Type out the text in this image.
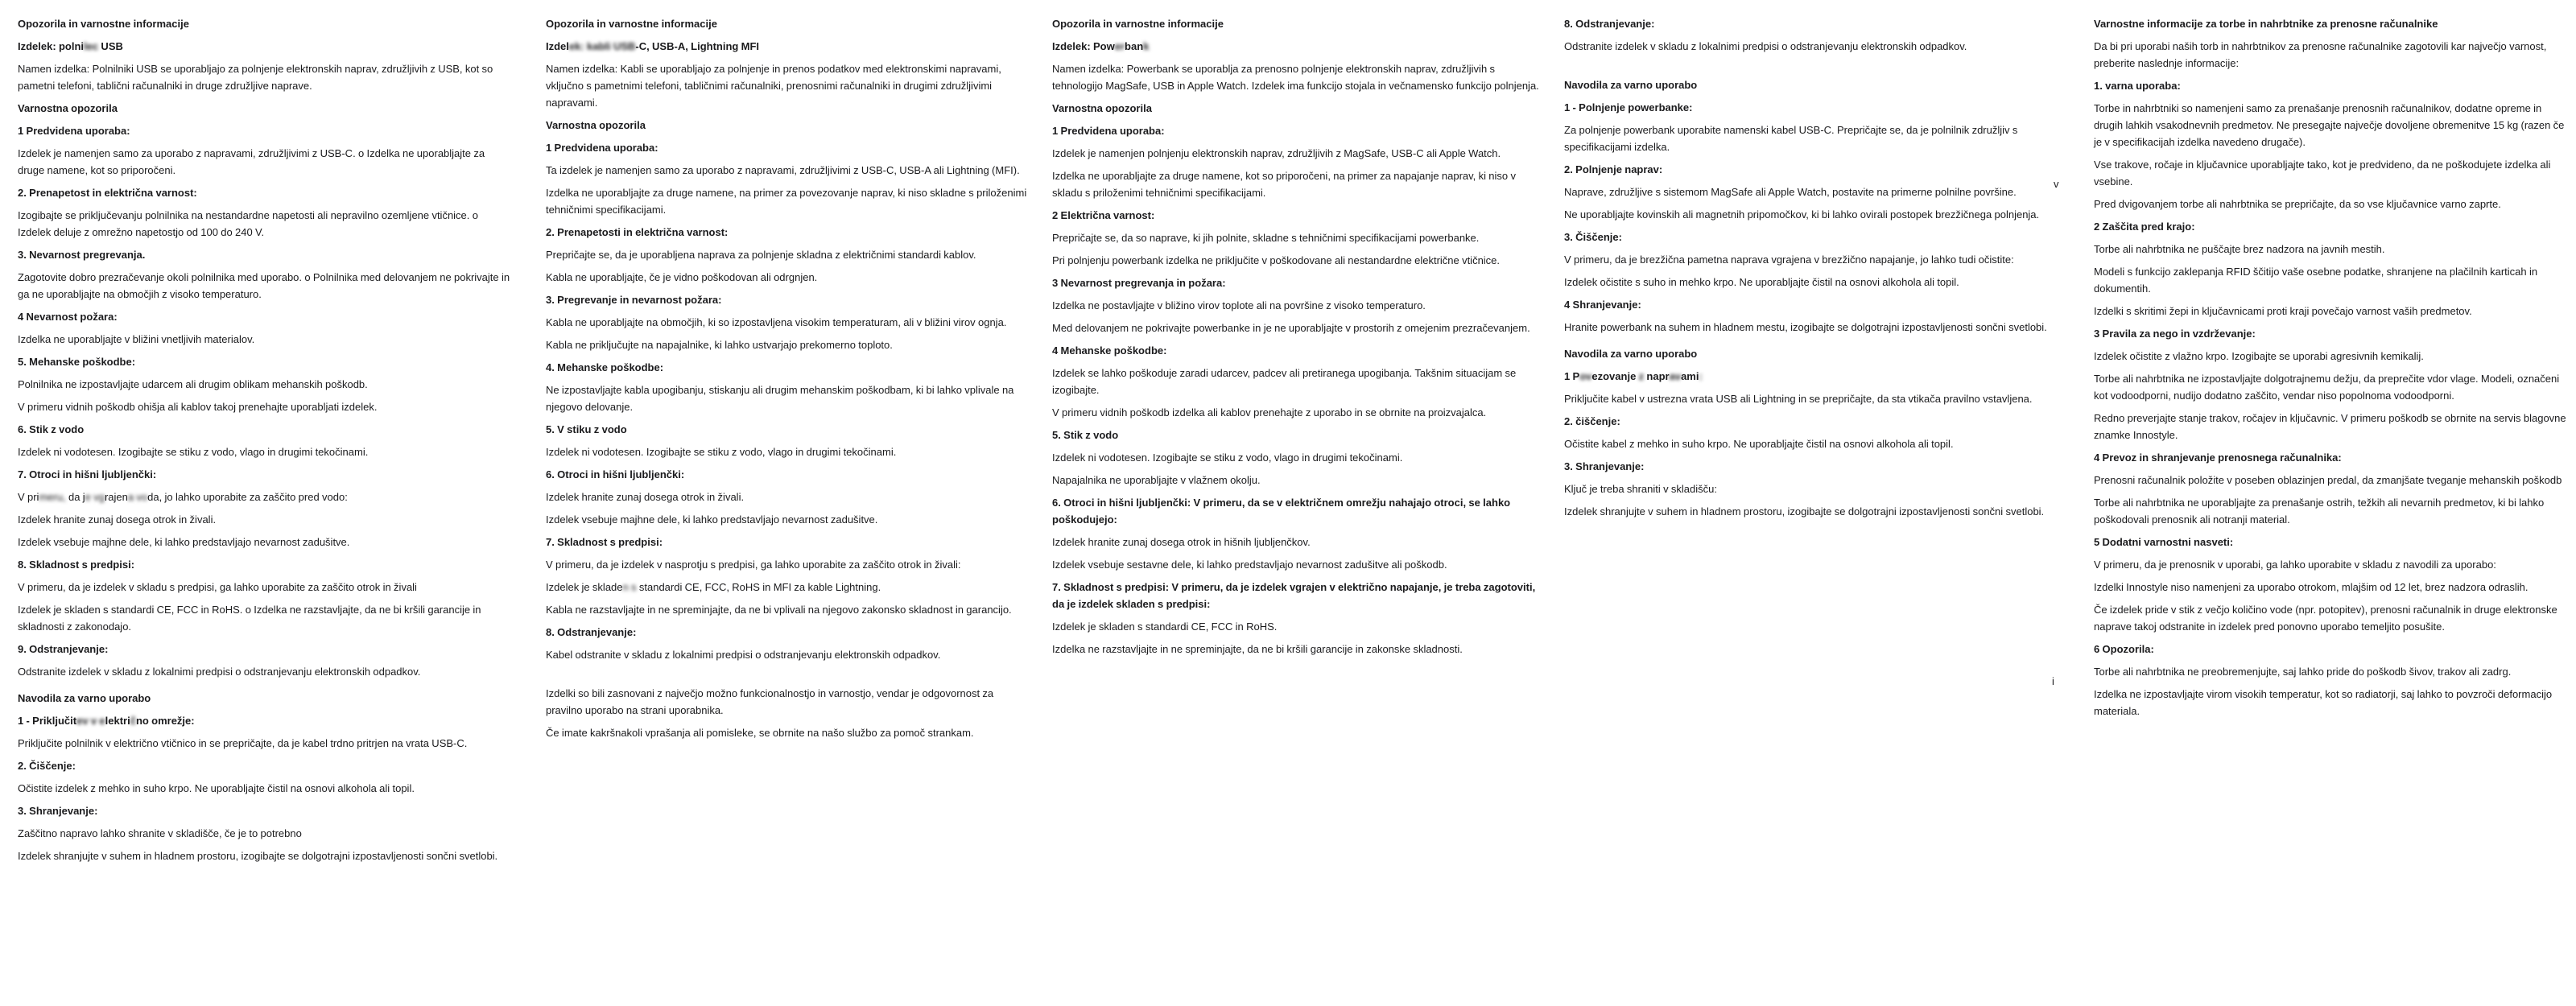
Opozorila in varnostne informacije
Izdelek: polnilec USB
Namen izdelka: Polnilniki USB se uporabljajo za polnjenje elektronskih naprav, združljivih z USB, kot so pametni telefoni, tablični računalniki in druge združljive naprave.
Varnostna opozorila
1 Predvidena uporaba:
Izdelek je namenjen samo za uporabo z napravami, združljivimi z USB-C. o Izdelka ne uporabljajte za druge namene, kot so priporočeni.
2. Prenapetost in električna varnost:
Izogibajte se priključevanju polnilnika na nestandardne napetosti ali nepravilno ozemljene vtičnice. o Izdelek deluje z omrežno napetostjo od 100 do 240 V.
3. Nevarnost pregrevanja.
Zagotovite dobro prezračevanje okoli polnilnika med uporabo. o Polnilnika med delovanjem ne pokrivajte in ga ne uporabljajte na območjih z visoko temperaturo.
4 Nevarnost požara:
Izdelka ne uporabljajte v bližini vnetljivih materialov.
5. Mehanske poškodbe:
Polnilnika ne izpostavljajte udarcem ali drugim oblikam mehanskih poškodb.
V primeru vidnih poškodb ohišja ali kablov takoj prenehajte uporabljati izdelek.
6. Stik z vodo
Izdelek ni vodotesen. Izogibajte se stiku z vodo, vlago in drugimi tekočinami.
7. Otroci in hišni ljubljenčki:
V primeru, da je vgrajena voda, jo lahko uporabite za zaščito pred vodo:
Izdelek hranite zunaj dosega otrok in živali.
Izdelek vsebuje majhne dele, ki lahko predstavljajo nevarnost zadušitve.
8. Skladnost s predpisi:
V primeru, da je izdelek v skladu s predpisi, ga lahko uporabite za zaščito otrok in živali
Izdelek je skladen s standardi CE, FCC in RoHS. o Izdelka ne razstavljajte, da ne bi kršili garancije in skladnosti z zakonodajo.
9. Odstranjevanje:
Odstranite izdelek v skladu z lokalnimi predpisi o odstranjevanju elektronskih odpadkov.
Navodila za varno uporabo
1 - Priključitev v električno omrežje:
Priključite polnilnik v električno vtičnico in se prepričajte, da je kabel trdno pritrjen na vrata USB-C.
2. Čiščenje:
Očistite izdelek z mehko in suho krpo. Ne uporabljajte čistil na osnovi alkohola ali topil.
3. Shranjevanje:
Zaščitno napravo lahko shranite v skladišče, če je to potrebno
Izdelek shranjujte v suhem in hladnem prostoru, izogibajte se dolgotrajni izpostavljenosti sončni svetlobi.
Opozorila in varnostne informacije
Izdelek: kabli USB-C, USB-A, Lightning MFI
Namen izdelka: Kabli se uporabljajo za polnjenje in prenos podatkov med elektronskimi napravami, vključno s pametnimi telefoni, tabličnimi računalniki, prenosnimi računalniki in drugimi združljivimi napravami.
Varnostna opozorila
1 Predvidena uporaba:
Ta izdelek je namenjen samo za uporabo z napravami, združljivimi z USB-C, USB-A ali Lightning (MFI).
Izdelka ne uporabljajte za druge namene, na primer za povezovanje naprav, ki niso skladne s priloženimi tehničnimi specifikacijami.
2. Prenapetosti in električna varnost:
Prepričajte se, da je uporabljena naprava za polnjenje skladna z električnimi standardi kablov.
Kabla ne uporabljajte, če je vidno poškodovan ali odrgnjen.
3. Pregrevanje in nevarnost požara:
Kabla ne uporabljajte na območjih, ki so izpostavljena visokim temperaturam, ali v bližini virov ognja.
Kabla ne priključujte na napajalnike, ki lahko ustvarjajo prekomerno toploto.
4. Mehanske poškodbe:
Ne izpostavljajte kabla upogibanju, stiskanju ali drugim mehanskim poškodbam, ki bi lahko vplivale na njegovo delovanje.
5. V stiku z vodo
Izdelek ni vodotesen. Izogibajte se stiku z vodo, vlago in drugimi tekočinami.
6. Otroci in hišni ljubljenčki:
Izdelek hranite zunaj dosega otrok in živali.
Izdelek vsebuje majhne dele, ki lahko predstavljajo nevarnost zadušitve.
7. Skladnost s predpisi:
V primeru, da je izdelek v nasprotju s predpisi, ga lahko uporabite za zaščito otrok in živali:
Izdelek je skladen s standardi CE, FCC, RoHS in MFI za kable Lightning.
Kabla ne razstavljajte in ne spreminjajte, da ne bi vplivali na njegovo zakonsko skladnost in garancijo.
8. Odstranjevanje:
Kabel odstranite v skladu z lokalnimi predpisi o odstranjevanju elektronskih odpadkov.
Izdelki so bili zasnovani z največjo možno funkcionalnostjo in varnostjo, vendar je odgovornost za pravilno uporabo na strani uporabnika.
Če imate kakršnakoli vprašanja ali pomisleke, se obrnite na našo službo za pomoč strankam.
Opozorila in varnostne informacije
Izdelek: Powerbank
Namen izdelka: Powerbank se uporablja za prenosno polnjenje elektronskih naprav, združljivih s tehnologijo MagSafe, USB in Apple Watch. Izdelek ima funkcijo stojala in večnamensko funkcijo polnjenja.
Varnostna opozorila
1 Predvidena uporaba:
Izdelek je namenjen polnjenju elektronskih naprav, združljivih z MagSafe, USB-C ali Apple Watch.
Izdelka ne uporabljajte za druge namene, kot so priporočeni, na primer za napajanje naprav, ki niso v skladu s priloženimi tehničnimi specifikacijami.
2 Električna varnost:
Prepričajte se, da so naprave, ki jih polnite, skladne s tehničnimi specifikacijami powerbanke.
Pri polnjenju powerbank izdelka ne priključite v poškodovane ali nestandardne električne vtičnice.
3 Nevarnost pregrevanja in požara:
Izdelka ne postavljajte v bližino virov toplote ali na površine z visoko temperaturo.
Med delovanjem ne pokrivajte powerbanke in je ne uporabljajte v prostorih z omejenim prezračevanjem.
4 Mehanske poškodbe:
Izdelek se lahko poškoduje zaradi udarcev, padcev ali pretiranega upogibanja. Takšnim situacijam se izogibajte.
V primeru vidnih poškodb izdelka ali kablov prenehajte z uporabo in se obrnite na proizvajalca.
5. Stik z vodo
Izdelek ni vodotesen. Izogibajte se stiku z vodo, vlago in drugimi tekočinami.
Napajalnika ne uporabljajte v vlažnem okolju.
6. Otroci in hišni ljubljenčki: V primeru, da se v električnem omrežju nahajajo otroci, se lahko poškodujejo:
Izdelek hranite zunaj dosega otrok in hišnih ljubljenčkov.
Izdelek vsebuje sestavne dele, ki lahko predstavljajo nevarnost zadušitve ali poškodb.
7. Skladnost s predpisi: V primeru, da je izdelek vgrajen v električno napajanje, je treba zagotoviti, da je izdelek skladen s predpisi:
Izdelek je skladen s standardi CE, FCC in RoHS.
Izdelka ne razstavljajte in ne spreminjajte, da ne bi kršili garancije in zakonske skladnosti.
8. Odstranjevanje:
Odstranite izdelek v skladu z lokalnimi predpisi o odstranjevanju elektronskih odpadkov.
Navodila za varno uporabo
1 - Polnjenje powerbanke:
Za polnjenje powerbank uporabite namenski kabel USB-C. Prepričajte se, da je polnilnik združljiv s specifikacijami izdelka.
2. Polnjenje naprav:
Naprave, združljive s sistemom MagSafe ali Apple Watch, postavite na primerne polnilne površine.
Ne uporabljajte kovinskih ali magnetnih pripomočkov, ki bi lahko ovirali postopek brezžičnega polnjenja.
3. Čiščenje:
V primeru, da je brezžična pametna naprava vgrajena v brezžično napajanje, jo lahko tudi očistite:
Izdelek očistite s suho in mehko krpo. Ne uporabljajte čistil na osnovi alkohola ali topil.
4 Shranjevanje:
Hranite powerbank na suhem in hladnem mestu, izogibajte se dolgotrajni izpostavljenosti sončni svetlobi.
Navodila za varno uporabo
1 Povezovanje z napravami:
Priključite kabel v ustrezna vrata USB ali Lightning in se prepričajte, da sta vtikača pravilno vstavljena.
2. čiščenje:
Očistite kabel z mehko in suho krpo. Ne uporabljajte čistil na osnovi alkohola ali topil.
3. Shranjevanje:
Ključ je treba shraniti v skladišču:
Izdelek shranjujte v suhem in hladnem prostoru, izogibajte se dolgotrajni izpostavljenosti sončni svetlobi.
Varnostne informacije za torbe in nahrbtnike za prenosne računalnike
Da bi pri uporabi naših torb in nahrbtnikov za prenosne računalnike zagotovili kar največjo varnost, preberite naslednje informacije:
1. varna uporaba:
Torbe in nahrbtniki so namenjeni samo za prenašanje prenosnih računalnikov, dodatne opreme in drugih lahkih vsakodnevnih predmetov. Ne presegajte največje dovoljene obremenitve 15 kg (razen če je v specifikacijah izdelka navedeno drugače).
Vse trakove, ročaje in ključavnice uporabljajte tako, kot je predvideno, da ne poškodujete izdelka ali vsebine.
Pred dvigovanjem torbe ali nahrbtnika se prepričajte, da so vse ključavnice varno zaprte.
2 Zaščita pred krajo:
Torbe ali nahrbtnika ne puščajte brez nadzora na javnih mestih.
Modeli s funkcijo zaklepanja RFID ščitijo vaše osebne podatke, shranjene na plačilnih karticah in dokumentih.
Izdelki s skritimi žepi in ključavnicami proti kraji povečajo varnost vaših predmetov.
3 Pravila za nego in vzdrževanje:
Izdelek očistite z vlažno krpo. Izogibajte se uporabi agresivnih kemikalij.
Torbe ali nahrbtnika ne izpostavljajte dolgotrajnemu dežju, da preprečite vdor vlage. Modeli, označeni kot vodoodporni, nudijo dodatno zaščito, vendar niso popolnoma vodoodporni.
Redno preverjajte stanje trakov, ročajev in ključavnic. V primeru poškodb se obrnite na servis blagovne znamke Innostyle.
4 Prevoz in shranjevanje prenosnega računalnika:
Prenosni računalnik položite v poseben oblazinjen predal, da zmanjšate tveganje mehanskih poškodb
Torbe ali nahrbtnika ne uporabljajte za prenašanje ostrih, težkih ali nevarnih predmetov, ki bi lahko poškodovali prenosnik ali notranji material.
5 Dodatni varnostni nasveti:
V primeru, da je prenosnik v uporabi, ga lahko uporabite v skladu z navodili za uporabo:
Izdelki Innostyle niso namenjeni za uporabo otrokom, mlajšim od 12 let, brez nadzora odraslih.
Če izdelek pride v stik z večjo količino vode (npr. potopitev), prenosni računalnik in druge elektronske naprave takoj odstranite in izdelek pred ponovno uporabo temeljito posušite.
6 Opozorila:
Torbe ali nahrbtnika ne preobremenjujte, saj lahko pride do poškodb šivov, trakov ali zadrg.
Izdelka ne izpostavljajte virom visokih temperatur, kot so radiatorji, saj lahko to povzroči deformacijo materiala.
v
i
